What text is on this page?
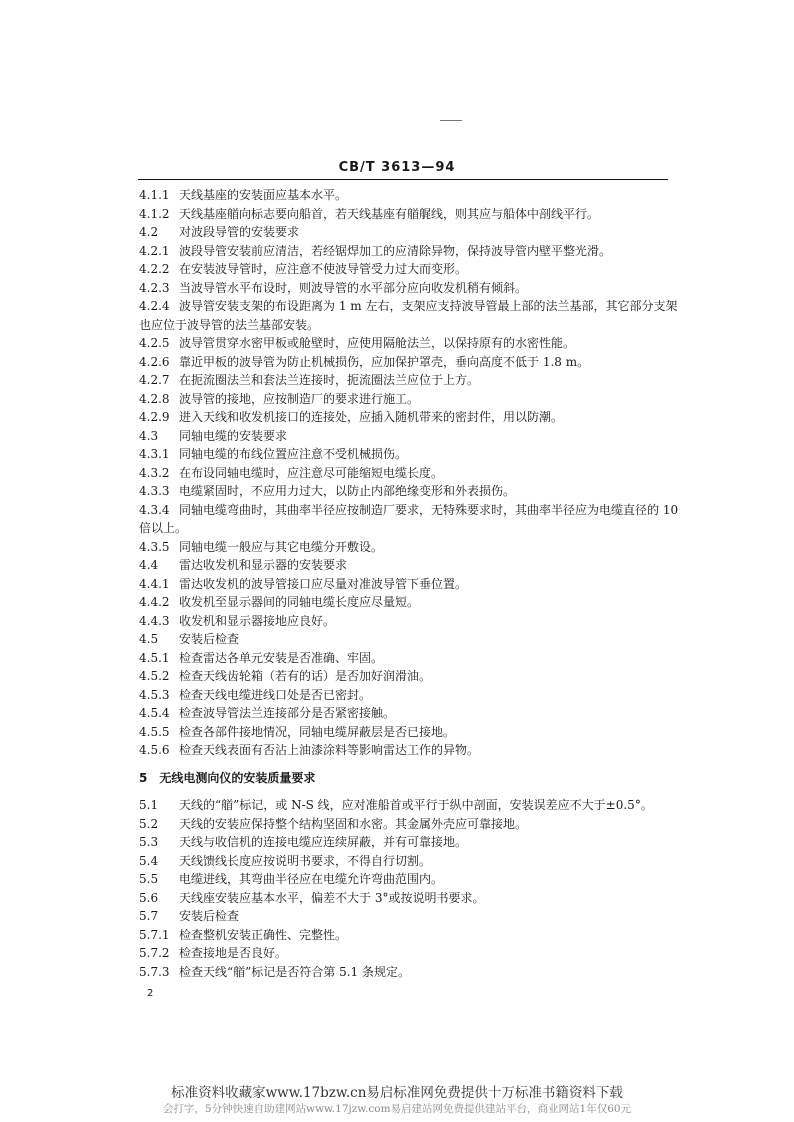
CB/T 3613—94
4.1.1 天线基座的安装面应基本水平。
4.1.2 天线基座艏向标志要向船首，若天线基座有艏艉线，则其应与船体中剖线平行。
4.2 对波段导管的安装要求
4.2.1 波段导管安装前应清洁，若经锯焊加工的应清除异物，保持波导管内壁平整光滑。
4.2.2 在安装波导管时，应注意不使波导管受力过大而变形。
4.2.3 当波导管水平布设时，则波导管的水平部分应向收发机稍有倾斜。
4.2.4 波导管安装支架的布设距离为 1 m 左右，支架应支持波导管最上部的法兰基部，其它部分支架
也应位于波导管的法兰基部安装。
4.2.5 波导管贯穿水密甲板或舱壁时，应使用隔舱法兰，以保持原有的水密性能。
4.2.6 靠近甲板的波导管为防止机械损伤，应加保护罩壳，垂向高度不低于 1.8 m。
4.2.7 在扼流圈法兰和套法兰连接时，扼流圈法兰应位于上方。
4.2.8 波导管的接地，应按制造厂的要求进行施工。
4.2.9 进入天线和收发机接口的连接处，应插入随机带来的密封件，用以防潮。
4.3 同轴电缆的安装要求
4.3.1 同轴电缆的布线位置应注意不受机械损伤。
4.3.2 在布设同轴电缆时，应注意尽可能缩短电缆长度。
4.3.3 电缆紧固时，不应用力过大，以防止内部绝缘变形和外表损伤。
4.3.4 同轴电缆弯曲时，其曲率半径应按制造厂要求，无特殊要求时，其曲率半径应为电缆直径的 10
倍以上。
4.3.5 同轴电缆一般应与其它电缆分开敷设。
4.4 雷达收发机和显示器的安装要求
4.4.1 雷达收发机的波导管接口应尽量对准波导管下垂位置。
4.4.2 收发机至显示器间的同轴电缆长度应尽量短。
4.4.3 收发机和显示器接地应良好。
4.5 安装后检查
4.5.1 检查雷达各单元安装是否准确、牢固。
4.5.2 检查天线齿轮箱（若有的话）是否加好润滑油。
4.5.3 检查天线电缆进线口处是否已密封。
4.5.4 检查波导管法兰连接部分是否紧密接触。
4.5.5 检查各部件接地情况，同轴电缆屏蔽层是否已接地。
4.5.6 检查天线表面有否沾上油漆涂料等影响雷达工作的异物。
5　无线电测向仪的安装质量要求
5.1 天线的“艏”标记，或 N-S 线，应对准船首或平行于纵中剖面，安装误差应不大于±0.5°。
5.2 天线的安装应保持整个结构坚固和水密。其金属外壳应可靠接地。
5.3 天线与收信机的连接电缆应连续屏蔽，并有可靠接地。
5.4 天线馈线长度应按说明书要求，不得自行切割。
5.5 电缆进线，其弯曲半径应在电缆允许弯曲范围内。
5.6 天线座安装应基本水平，偏差不大于 3°或按说明书要求。
5.7 安装后检查
5.7.1 检查整机安装正确性、完整性。
5.7.2 检查接地是否良好。
5.7.3 检查天线“艏”标记是否符合第 5.1 条规定。
2
标准资料收藏家www.17bzw.cn易启标准网免费提供十万标准书籍资料下载
会打字，5分钟快速自助建网站www.17jzw.com易启建站网免费提供建站平台，商业网站1年仅60元
